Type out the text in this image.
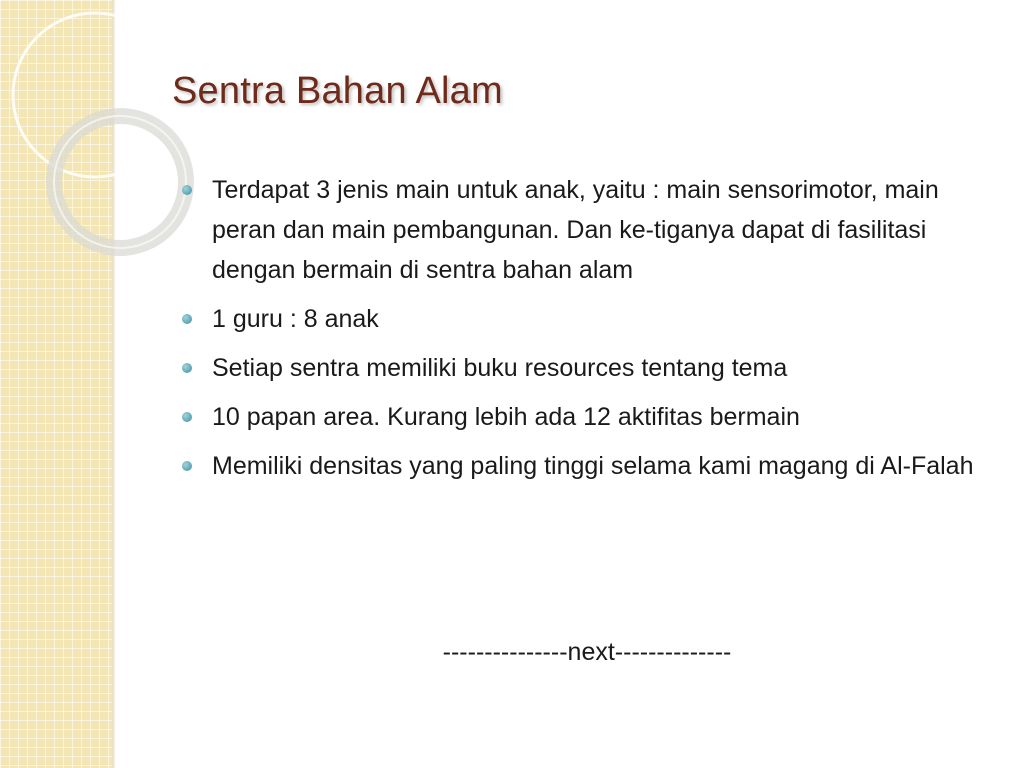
Sentra Bahan Alam
Terdapat 3 jenis main untuk anak, yaitu : main sensorimotor, main peran dan main pembangunan. Dan ke-tiganya dapat di fasilitasi dengan bermain di sentra bahan alam
1 guru : 8 anak
Setiap sentra memiliki buku resources tentang tema
10 papan area. Kurang lebih ada 12 aktifitas bermain
Memiliki densitas yang paling tinggi selama kami magang di Al-Falah
---------------next--------------
